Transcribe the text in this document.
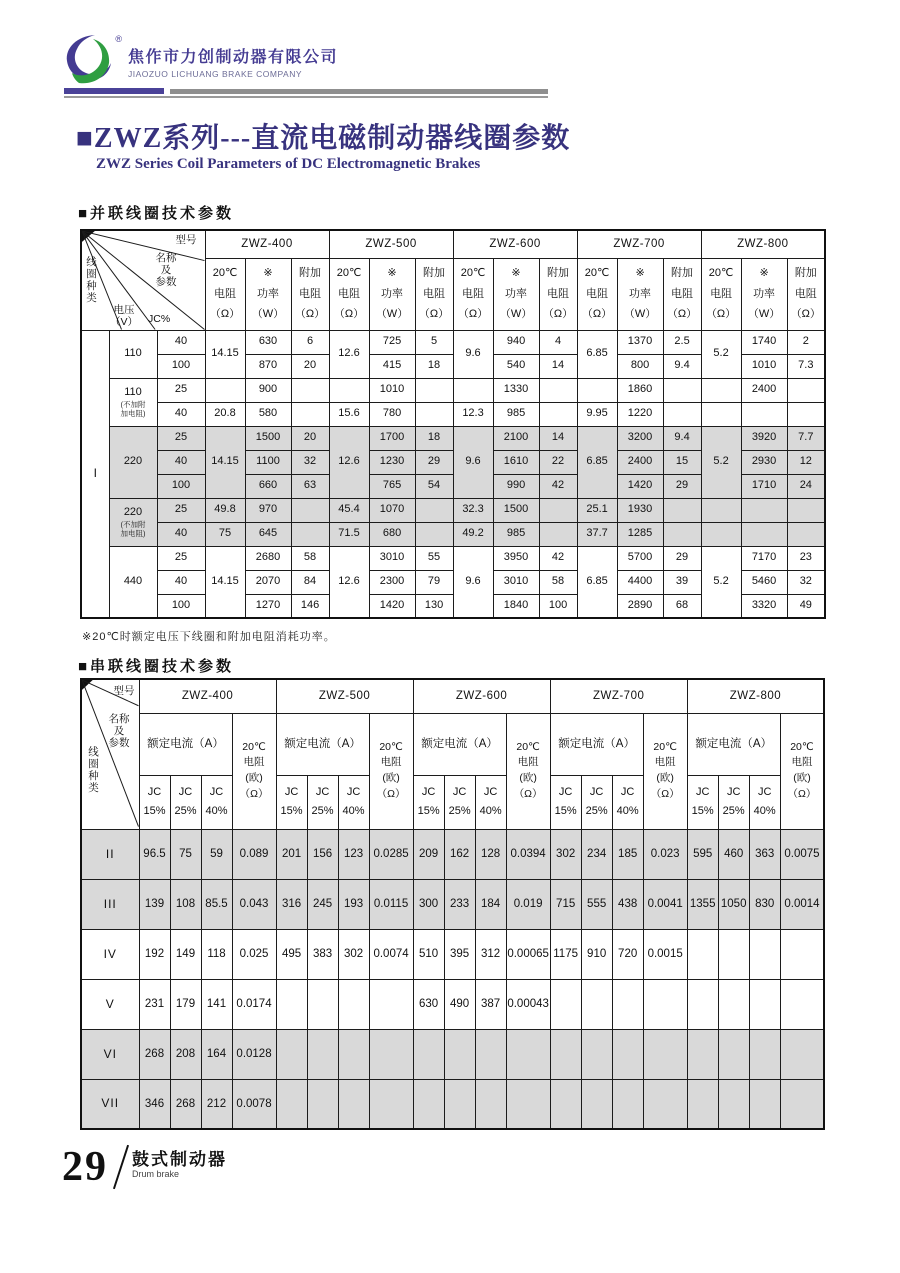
®
焦作市力创制动器有限公司
JIAOZUO LICHUANG BRAKE COMPANY
■ZWZ系列---直流电磁制动器线圈参数
ZWZ Series Coil Parameters of DC Electromagnetic Brakes
■并联线圈技术参数
型号
名称
及
参数
电压
（V） JC%
线
圈
种
类
	ZWZ-400	ZWZ-500	ZWZ-600	ZWZ-700	ZWZ-800
			20℃
电阻
（Ω）	※
功率
（W）	附加
电阻
（Ω）	20℃
电阻
（Ω）	※
功率
（W）	附加
电阻
（Ω）	20℃
电阻
（Ω）	※
功率
（W）	附加
电阻
（Ω）	20℃
电阻
（Ω）	※
功率
（W）	附加
电阻
（Ω）	20℃
电阻
（Ω）	※
功率
（W）	附加
电阻
（Ω）
I	110	40	14.15	630	6	12.6	725	5	9.6	940	4	6.85	1370	2.5	5.2	1740	2
		100		870	20		415	18		540	14		800	9.4		1010	7.3

	110
(不加附
加电阻)	25		900			1010			1330			1860			2400	
		40	20.8	580		15.6	780		12.3	985		9.95	1220				

	220	25	14.15	1500	20	12.6	1700	18	9.6	2100	14	6.85	3200	9.4	5.2	3920	7.7
		40		1100	32		1230	29		1610	22		2400	15		2930	12
		100		660	63		765	54		990	42		1420	29		1710	24

	220
(不加附
加电阻)	25	49.8	970		45.4	1070		32.3	1500		25.1	1930				
		40	75	645		71.5	680		49.2	985		37.7	1285				

	440	25	14.15	2680	58	12.6	3010	55	9.6	3950	42	6.85	5700	29	5.2	7170	23
		40		2070	84		2300	79		3010	58		4400	39		5460	32
		100		1270	146		1420	130		1840	100		2890	68		3320	49
※20℃时额定电压下线圈和附加电阻消耗功率。
■串联线圈技术参数
型号
名称
及
参数
线
圈
种
类
	ZWZ-400	ZWZ-500	ZWZ-600	ZWZ-700	ZWZ-800
	额定电流（A）			20℃
电阻
(欧)
（Ω）	额定电流（A）			20℃
电阻
(欧)
（Ω）	额定电流（A）			20℃
电阻
(欧)
（Ω）	额定电流（A）			20℃
电阻
(欧)
（Ω）	额定电流（A）			20℃
电阻
(欧)
（Ω）
	JC
15%	JC
25%	JC
40%		JC
15%	JC
25%	JC
40%		JC
15%	JC
25%	JC
40%		JC
15%	JC
25%	JC
40%		JC
15%	JC
25%	JC
40%	
II	96.5	75	59	0.089	201	156	123	0.0285	209	162	128	0.0394	302	234	185	0.023	595	460	363	0.0075
III	139	108	85.5	0.043	316	245	193	0.0115	300	233	184	0.019	715	555	438	0.0041	1355	1050	830	0.0014
IV	192	149	118	0.025	495	383	302	0.0074	510	395	312	0.00065	1175	910	720	0.0015				
V	231	179	141	0.0174					630	490	387	0.00043								
VI	268	208	164	0.0128																
VII	346	268	212	0.0078																
29 鼓式制动器
Drum brake
